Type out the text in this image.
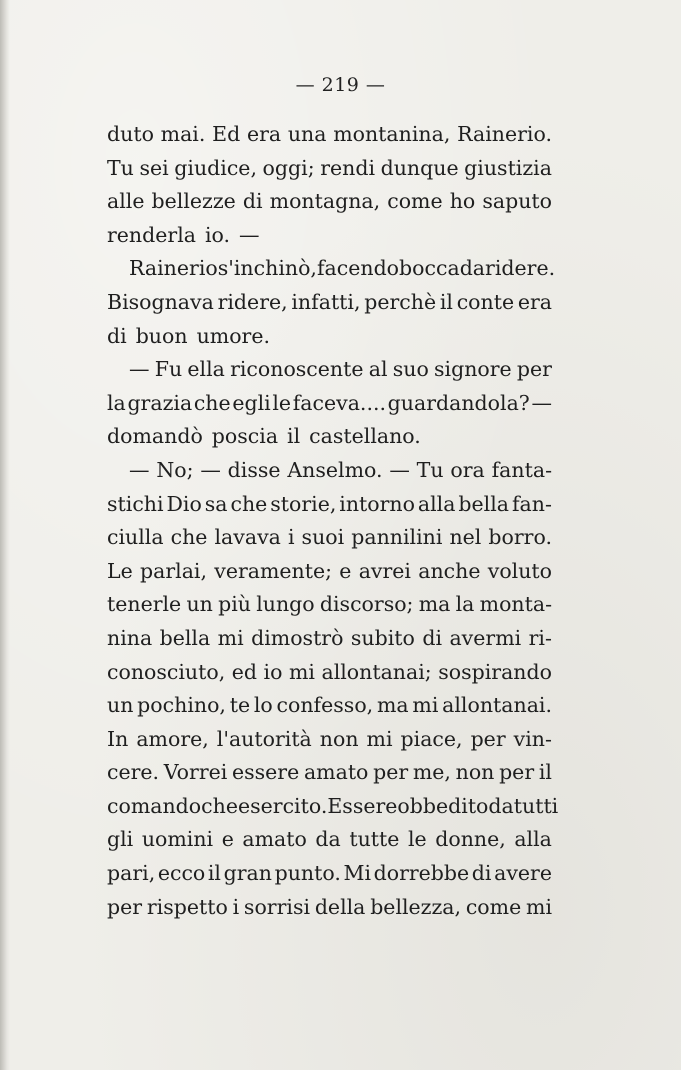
— 219 —
duto mai. Ed era una montanina, Rainerio.
Tu sei giudice, oggi; rendi dunque giustizia
alle bellezze di montagna, come ho saputo
renderla io. —
Rainerio s'inchinò, facendo bocca da ridere.
Bisognava ridere, infatti, perchè il conte era
di buon umore.
— Fu ella riconoscente al suo signore per
la grazia che egli le faceva.... guardandola? —
domandò poscia il castellano.
— No; — disse Anselmo. — Tu ora fanta-
stichi Dio sa che storie, intorno alla bella fan-
ciulla che lavava i suoi pannilini nel borro.
Le parlai, veramente; e avrei anche voluto
tenerle un più lungo discorso; ma la monta-
nina bella mi dimostrò subito di avermi ri-
conosciuto, ed io mi allontanai; sospirando
un pochino, te lo confesso, ma mi allontanai.
In amore, l'autorità non mi piace, per vin-
cere. Vorrei essere amato per me, non per il
comando che esercito. Essere obbedito da tutti
gli uomini e amato da tutte le donne, alla
pari, ecco il gran punto. Mi dorrebbe di avere
per rispetto i sorrisi della bellezza, come mi
